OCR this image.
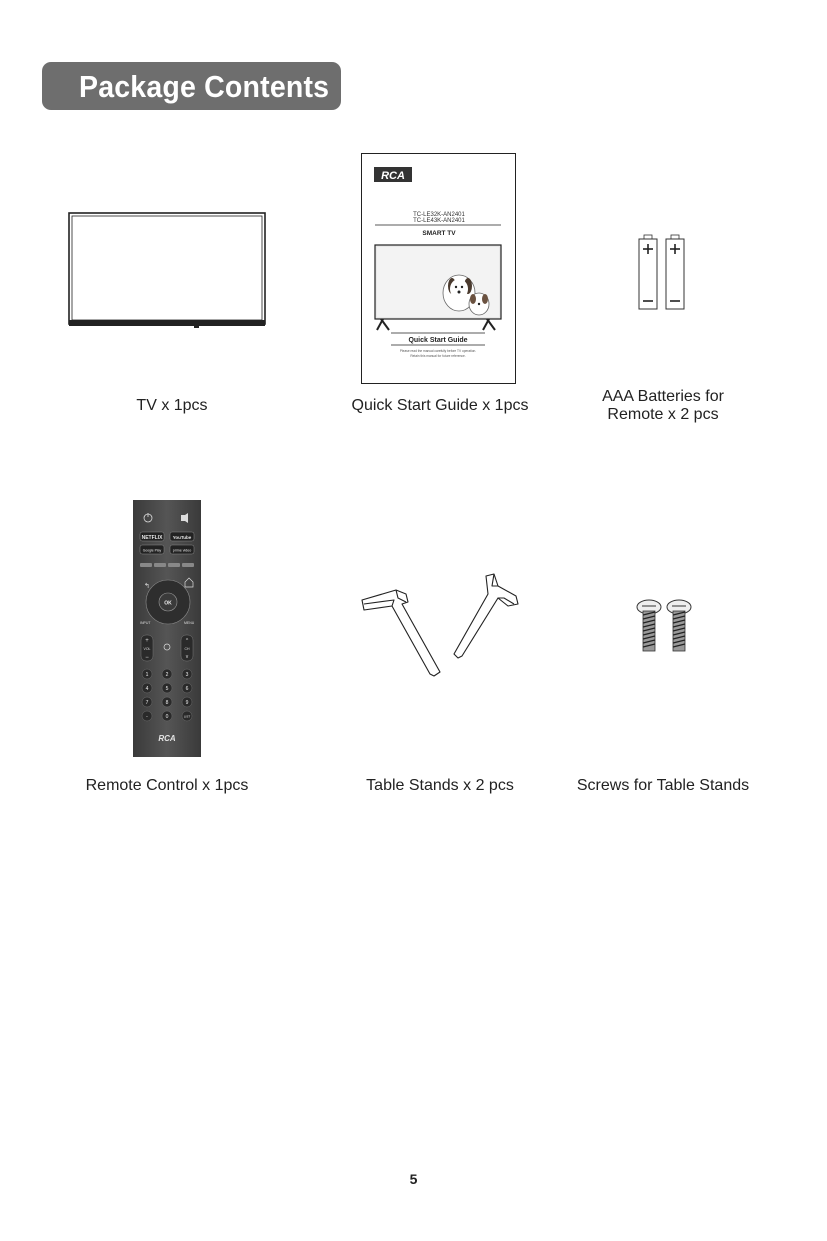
Package Contents
TV x 1pcs
RCA
TC-LE32K-AN2401
TC-LE43K-AN2401
SMART TV
Quick Start Guide
Please read the manual carefully before TV operation.
Retain this manual for future reference.
Quick Start Guide x 1pcs
AAA Batteries for
Remote x 2 pcs
NETFLIX YouTube
Google Play	prime video
↰
OK
INPUT	MENU
+
VOL
−
^
CH
v
1	2	3
4	5	6
7	8	9
-	0	LIST
RCA
Remote Control x 1pcs	Table Stands x 2 pcs	Screws for Table Stands
5
